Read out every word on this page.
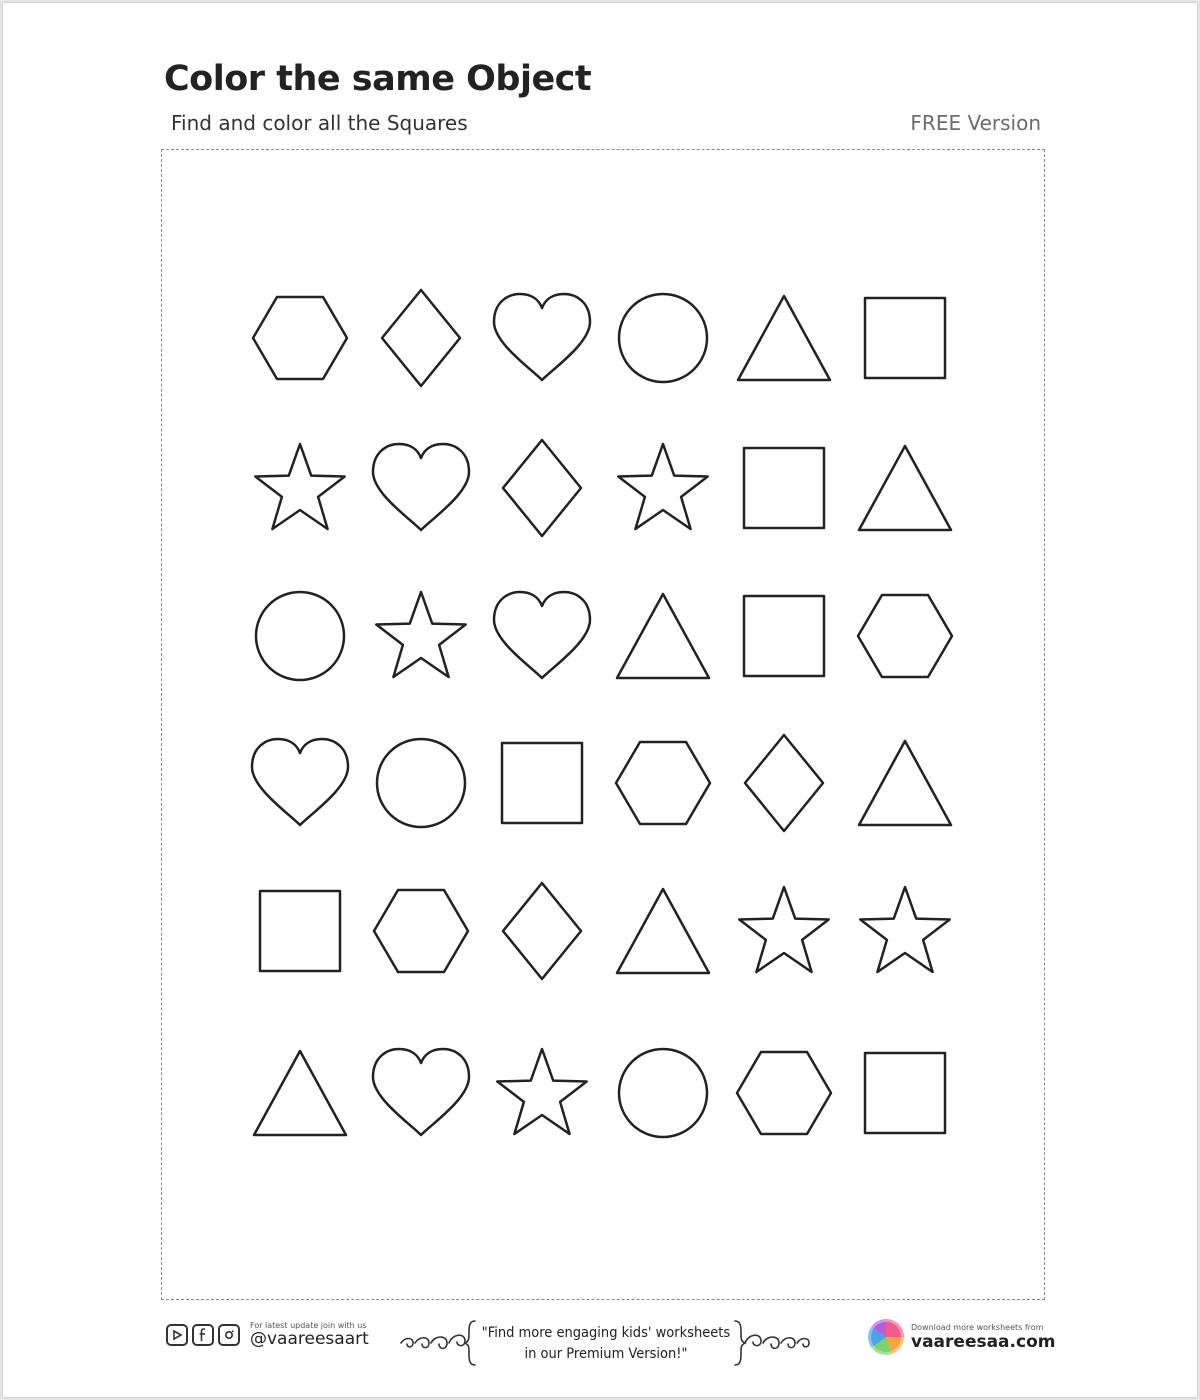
Color the same Object
Find and color all the Squares	FREE Version
For latest update join with us
@vaareesaart	"Find more engaging kids' worksheets
in our Premium Version!"
Download more worksheets from
vaareesaa.com
